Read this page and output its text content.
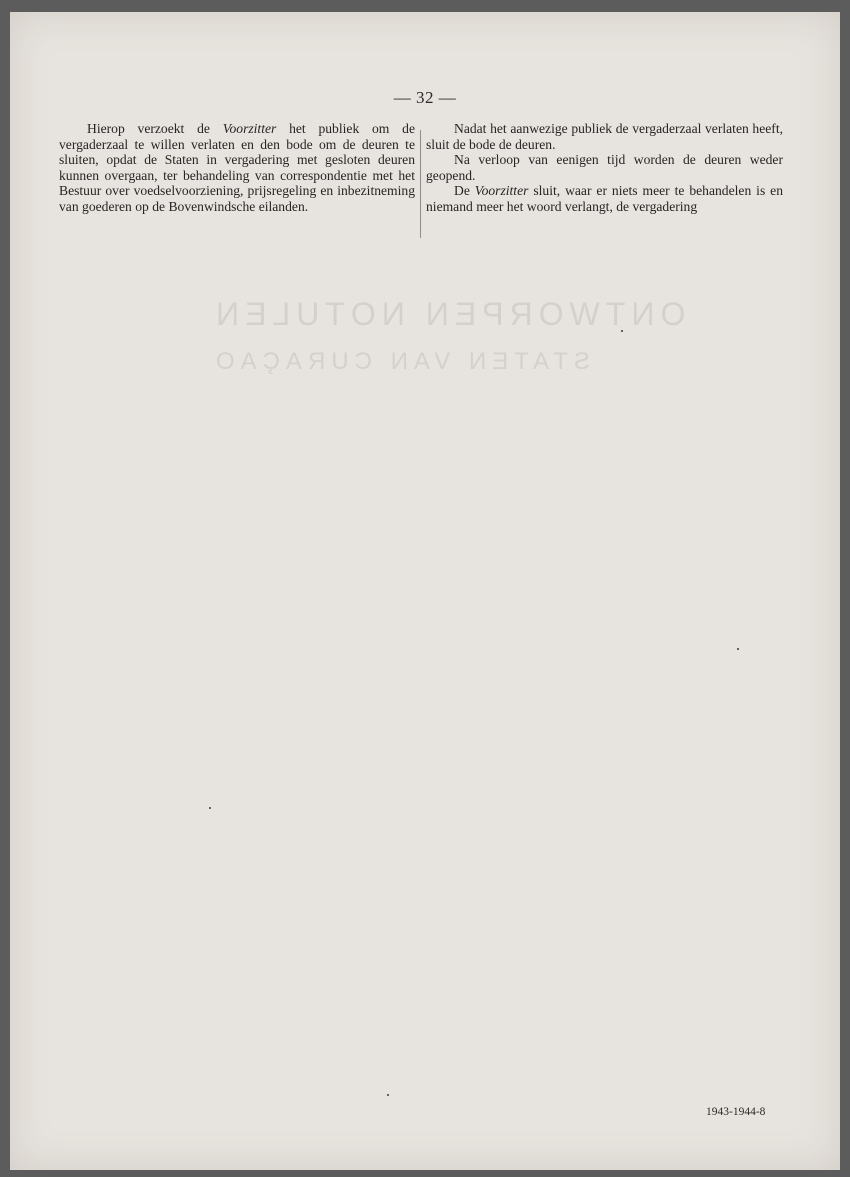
ONTWORPEN NOTULEN
STATEN VAN CURAÇAO
— 32 —

Hierop verzoekt de Voorzitter het publiek om de vergaderzaal te willen verlaten en den bode om de deuren te sluiten, opdat de Staten in vergadering met gesloten deuren kunnen overgaan, ter behandeling van correspondentie met het Bestuur over voedselvoorziening, prijsregeling en inbezitneming van goederen op de Bovenwindsche eilanden.

Nadat het aanwezige publiek de vergaderzaal verlaten heeft, sluit de bode de deuren.

Na verloop van eenigen tijd worden de deuren weder geopend.

De Voorzitter sluit, waar er niets meer te behandelen is en niemand meer het woord verlangt, de vergadering

1943-1944-8
